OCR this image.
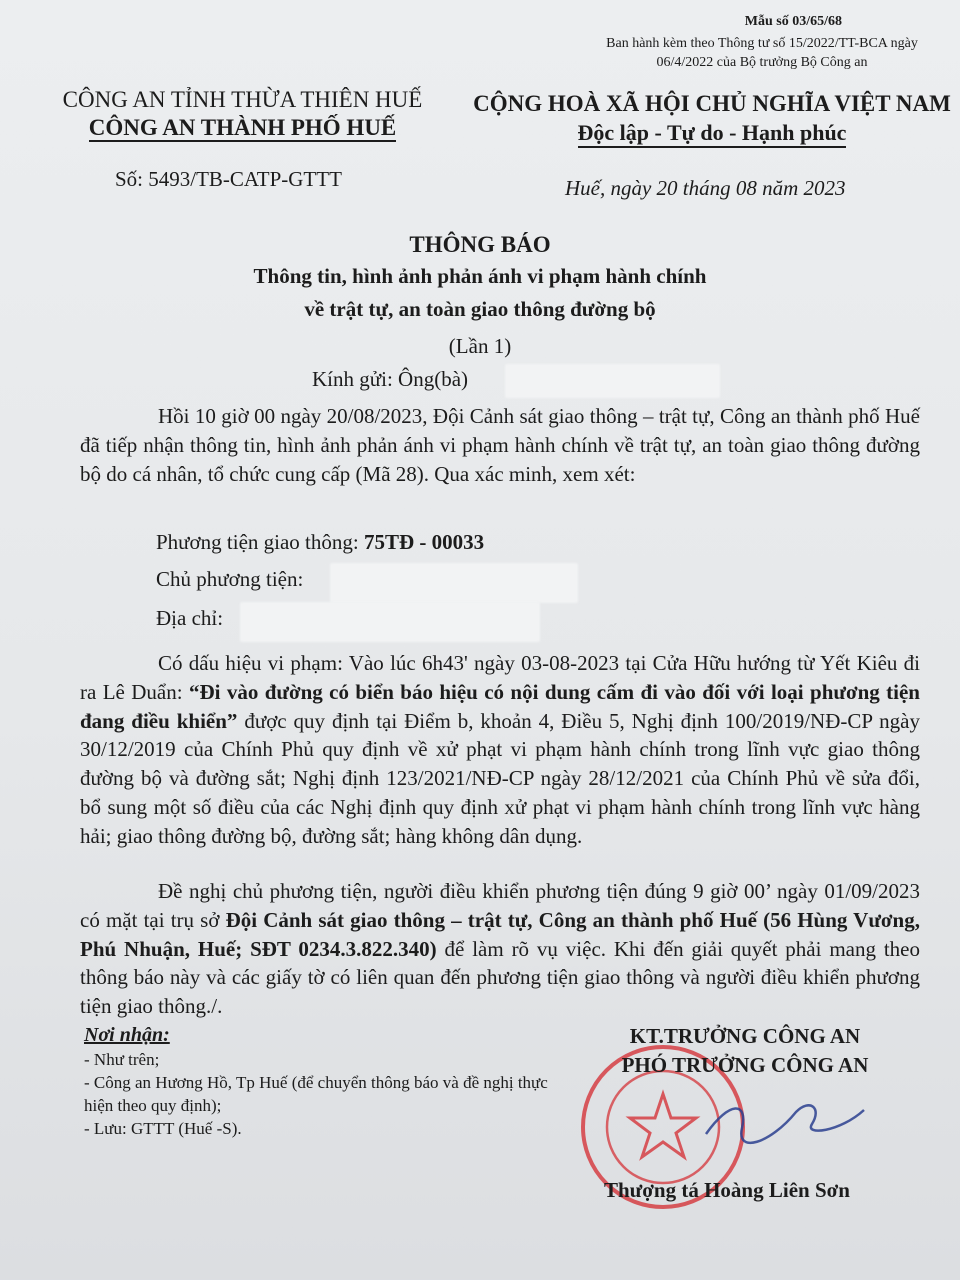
Mẫu số 03/65/68
Ban hành kèm theo Thông tư số 15/2022/TT-BCA ngày 06/4/2022 của Bộ trưởng Bộ Công an
CÔNG AN TỈNH THỪA THIÊN HUẾ
CÔNG AN THÀNH PHỐ HUẾ
CỘNG HOÀ XÃ HỘI CHỦ NGHĨA VIỆT NAM
Độc lập - Tự do - Hạnh phúc
Số: 5493/TB-CATP-GTTT	Huế, ngày 20 tháng 08 năm 2023
THÔNG BÁO
Thông tin, hình ảnh phản ánh vi phạm hành chính
về trật tự, an toàn giao thông đường bộ
(Lần 1)
Kính gửi: Ông(bà)
Hồi 10 giờ 00 ngày 20/08/2023, Đội Cảnh sát giao thông – trật tự, Công an thành phố Huế đã tiếp nhận thông tin, hình ảnh phản ánh vi phạm hành chính về trật tự, an toàn giao thông đường bộ do cá nhân, tổ chức cung cấp (Mã 28). Qua xác minh, xem xét:
Phương tiện giao thông: 75TĐ - 00033
Chủ phương tiện:
Địa chỉ:
Có dấu hiệu vi phạm: Vào lúc 6h43' ngày 03-08-2023 tại Cửa Hữu hướng từ Yết Kiêu đi ra Lê Duẩn: “Đi vào đường có biển báo hiệu có nội dung cấm đi vào đối với loại phương tiện đang điều khiển” được quy định tại Điểm b, khoản 4, Điều 5, Nghị định 100/2019/NĐ-CP ngày 30/12/2019 của Chính Phủ quy định về xử phạt vi phạm hành chính trong lĩnh vực giao thông đường bộ và đường sắt; Nghị định 123/2021/NĐ-CP ngày 28/12/2021 của Chính Phủ về sửa đổi, bổ sung một số điều của các Nghị định quy định xử phạt vi phạm hành chính trong lĩnh vực hàng hải; giao thông đường bộ, đường sắt; hàng không dân dụng.
Đề nghị chủ phương tiện, người điều khiển phương tiện đúng 9 giờ 00’ ngày 01/09/2023 có mặt tại trụ sở Đội Cảnh sát giao thông – trật tự, Công an thành phố Huế (56 Hùng Vương, Phú Nhuận, Huế; SĐT 0234.3.822.340) để làm rõ vụ việc. Khi đến giải quyết phải mang theo thông báo này và các giấy tờ có liên quan đến phương tiện giao thông và người điều khiển phương tiện giao thông./.
Nơi nhận:
- Như trên;
- Công an Hương Hồ, Tp Huế (để chuyển thông báo và đề nghị thực hiện theo quy định);
- Lưu: GTTT (Huế -S).
KT.TRƯỞNG CÔNG AN
PHÓ TRƯỞNG CÔNG AN
Thượng tá Hoàng Liên Sơn
